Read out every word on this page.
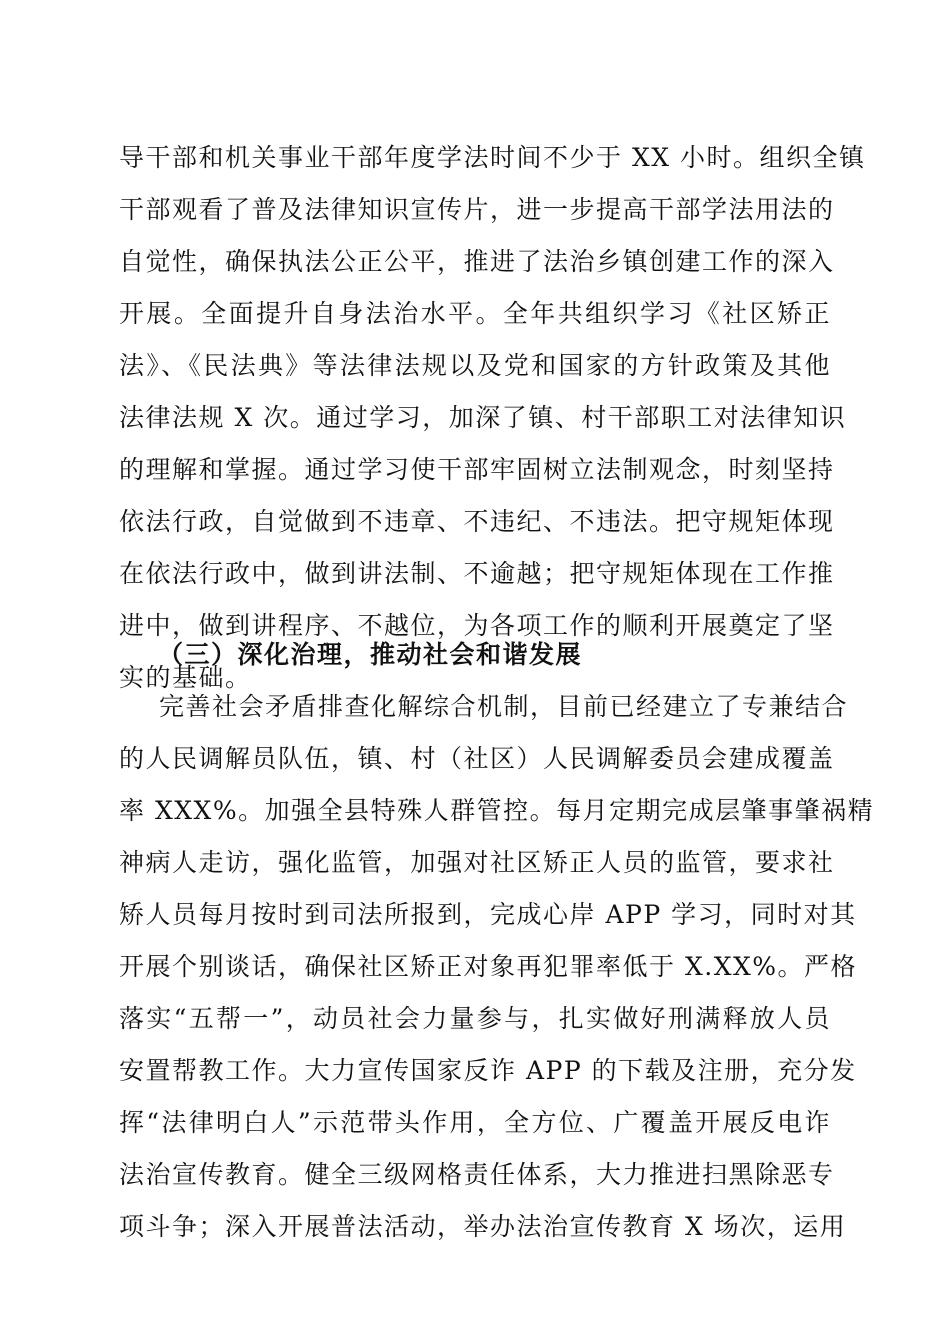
导干部和机关事业干部年度学法时间不少于 XX 小时。组织全镇
干部观看了普及法律知识宣传片，进一步提高干部学法用法的
自觉性，确保执法公正公平，推进了法治乡镇创建工作的深入
开展。全面提升自身法治水平。全年共组织学习《社区矫正
法》、《民法典》等法律法规以及党和国家的方针政策及其他
法律法规 X 次。通过学习，加深了镇、村干部职工对法律知识
的理解和掌握。通过学习使干部牢固树立法制观念，时刻坚持
依法行政，自觉做到不违章、不违纪、不违法。把守规矩体现
在依法行政中，做到讲法制、不逾越；把守规矩体现在工作推
进中，做到讲程序、不越位，为各项工作的顺利开展奠定了坚
实的基础。
（三）深化治理，推动社会和谐发展
完善社会矛盾排查化解综合机制，目前已经建立了专兼结合
的人民调解员队伍，镇、村（社区）人民调解委员会建成覆盖
率 XXX%。加强全县特殊人群管控。每月定期完成层肇事肇祸精
神病人走访，强化监管，加强对社区矫正人员的监管，要求社
矫人员每月按时到司法所报到，完成心岸 APP 学习，同时对其
开展个别谈话，确保社区矫正对象再犯罪率低于 X.XX%。严格
落实“五帮一”，动员社会力量参与，扎实做好刑满释放人员
安置帮教工作。大力宣传国家反诈 APP 的下载及注册，充分发
挥“法律明白人”示范带头作用，全方位、广覆盖开展反电诈
法治宣传教育。健全三级网格责任体系，大力推进扫黑除恶专
项斗争；深入开展普法活动，举办法治宣传教育 X 场次，运用
